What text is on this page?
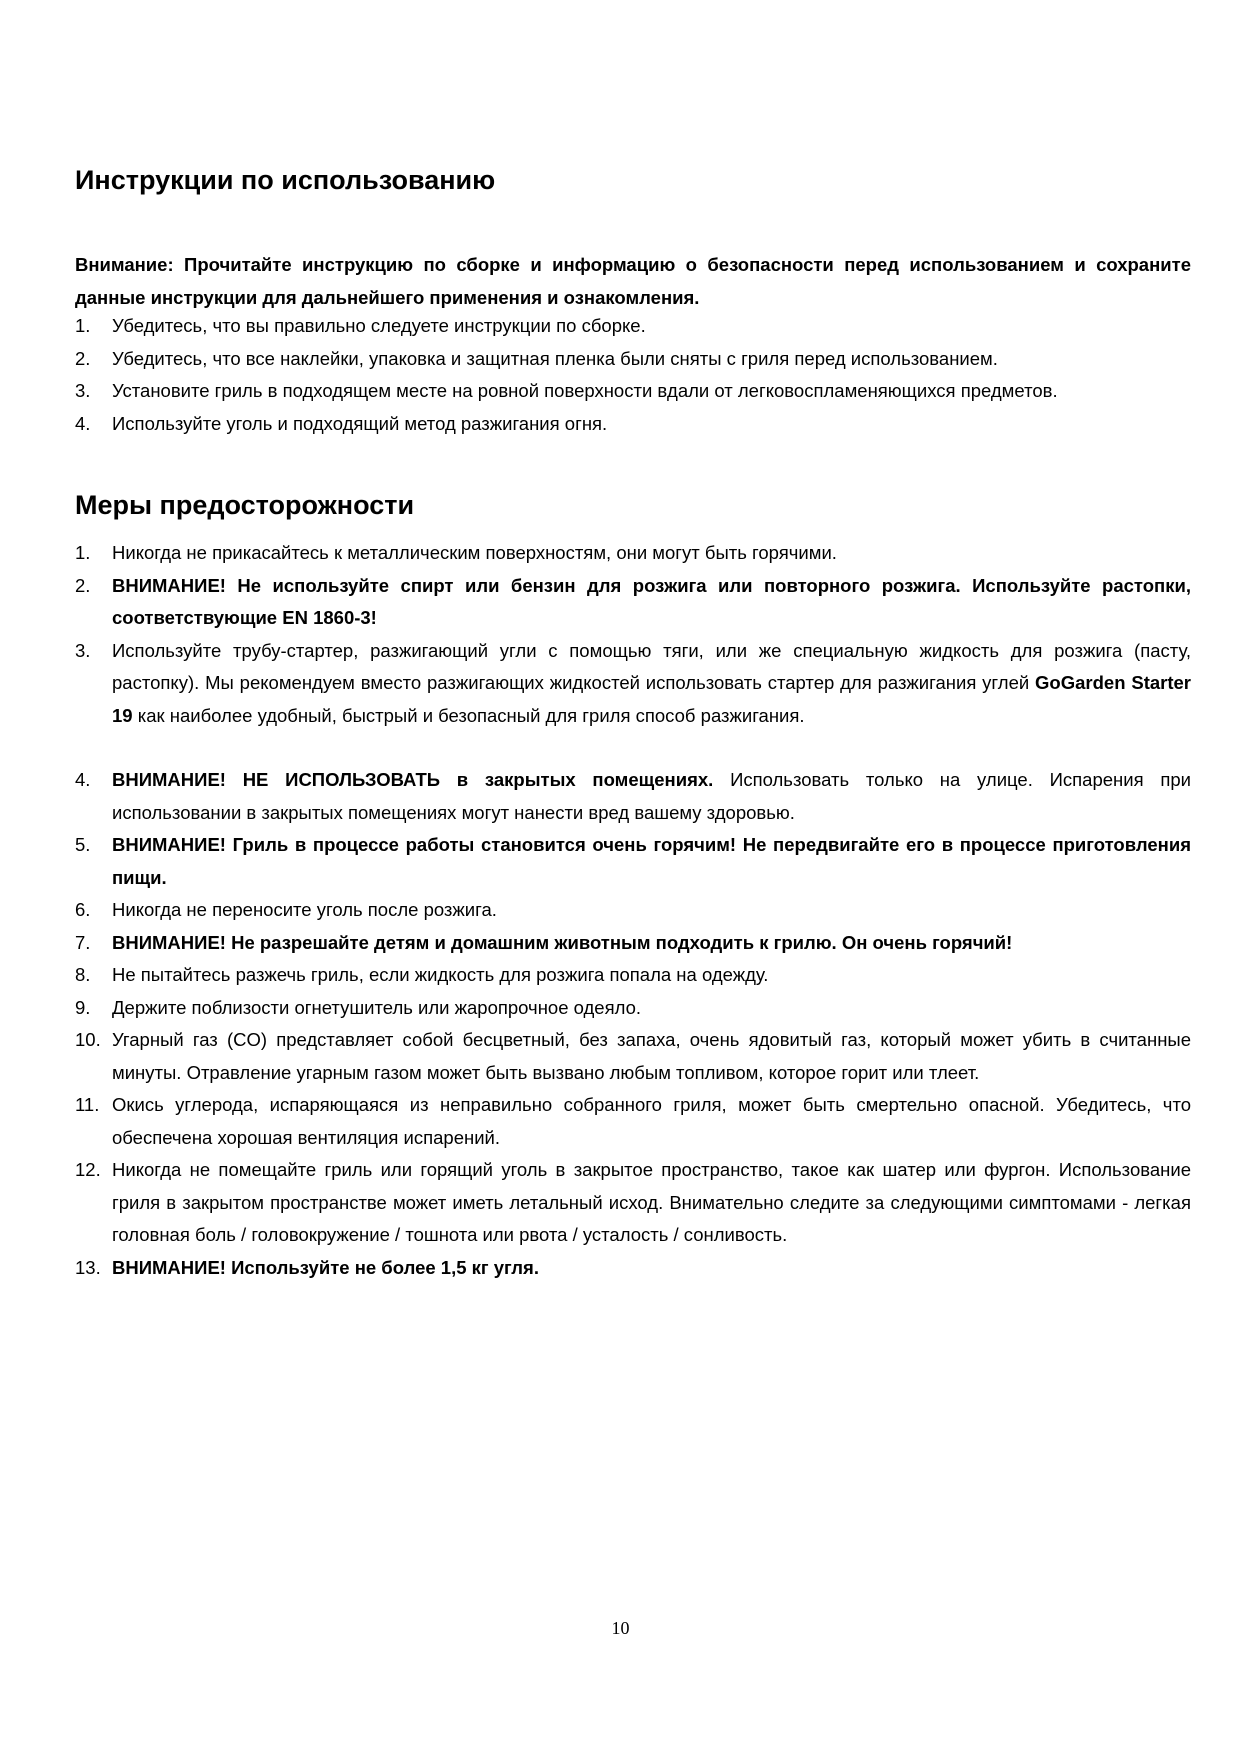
Инструкции по использованию

Внимание: Прочитайте инструкцию по сборке и информацию о безопасности перед использованием и сохраните данные инструкции для дальнейшего применения и ознакомления.

1. Убедитесь, что вы правильно следуете инструкции по сборке.
2. Убедитесь, что все наклейки, упаковка и защитная пленка были сняты с гриля перед использованием.
3. Установите гриль в подходящем месте на ровной поверхности вдали от легковоспламеняющихся предметов.
4. Используйте уголь и подходящий метод разжигания огня.
Меры предосторожности
1. Никогда не прикасайтесь к металлическим поверхностям, они могут быть горячими.
2. ВНИМАНИЕ! Не используйте спирт или бензин для розжига или повторного розжига. Используйте растопки, соответствующие EN 1860-3!
3. Используйте трубу-стартер, разжигающий угли с помощью тяги, или же специальную жидкость для розжига (пасту, растопку). Мы рекомендуем вместо разжигающих жидкостей использовать стартер для разжигания углей GoGarden Starter 19 как наиболее удобный, быстрый и безопасный для гриля способ разжигания.
4. ВНИМАНИЕ! НЕ ИСПОЛЬЗОВАТЬ в закрытых помещениях. Использовать только на улице. Испарения при использовании в закрытых помещениях могут нанести вред вашему здоровью.
5. ВНИМАНИЕ! Гриль в процессе работы становится очень горячим! Не передвигайте его в процессе приготовления пищи.
6. Никогда не переносите уголь после розжига.
7. ВНИМАНИЕ! Не разрешайте детям и домашним животным подходить к грилю. Он очень горячий!
8. Не пытайтесь разжечь гриль, если жидкость для розжига попала на одежду.
9. Держите поблизости огнетушитель или жаропрочное одеяло.
10. Угарный газ (CO) представляет собой бесцветный, без запаха, очень ядовитый газ, который может убить в считанные минуты. Отравление угарным газом может быть вызвано любым топливом, которое горит или тлеет.
11. Окись углерода, испаряющаяся из неправильно собранного гриля, может быть смертельно опасной. Убедитесь, что обеспечена хорошая вентиляция испарений.
12. Никогда не помещайте гриль или горящий уголь в закрытое пространство, такое как шатер или фургон. Использование гриля в закрытом пространстве может иметь летальный исход. Внимательно следите за следующими симптомами - легкая головная боль / головокружение / тошнота или рвота / усталость / сонливость.
13. ВНИМАНИЕ! Используйте не более 1,5 кг угля.
10
